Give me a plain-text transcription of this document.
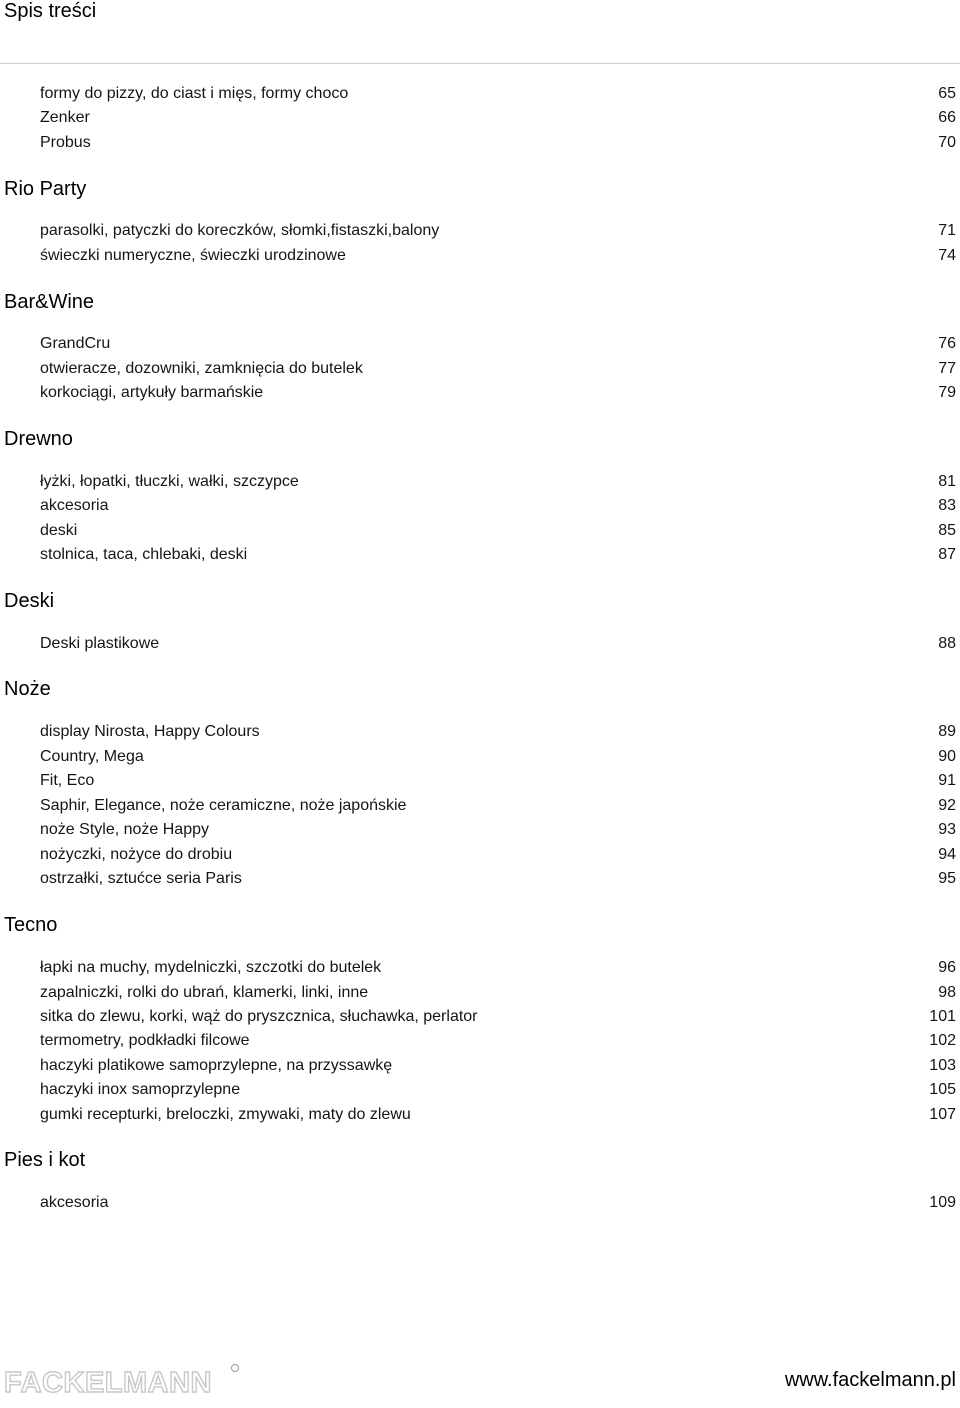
Spis treści
formy do pizzy, do ciast i mięs, formy choco	65
Zenker	66
Probus	70
Rio Party
parasolki, patyczki do koreczków, słomki,fistaszki,balony	71
świeczki numeryczne, świeczki urodzinowe	74
Bar&Wine
GrandCru	76
otwieracze, dozowniki, zamknięcia do butelek	77
korkociągi, artykuły barmańskie	79
Drewno
łyżki, łopatki, tłuczki, wałki, szczypce	81
akcesoria	83
deski	85
stolnica, taca, chlebaki, deski	87
Deski
Deski plastikowe	88
Noże
display Nirosta, Happy Colours	89
Country, Mega	90
Fit, Eco	91
Saphir, Elegance, noże ceramiczne, noże japońskie	92
noże Style, noże Happy	93
nożyczki, nożyce do drobiu	94
ostrzałki, sztućce seria Paris	95
Tecno
łapki na muchy, mydelniczki, szczotki do butelek	96
zapalniczki, rolki do ubrań, klamerki, linki, inne	98
sitka do zlewu, korki, wąż do pryszcznica, słuchawka, perlator	101
termometry, podkładki filcowe	102
haczyki platikowe samoprzylepne, na przyssawkę	103
haczyki inox samoprzylepne	105
gumki recepturki, breloczki, zmywaki, maty do zlewu	107
Pies i kot
akcesoria	109
FACKELMANN	www.fackelmann.pl
